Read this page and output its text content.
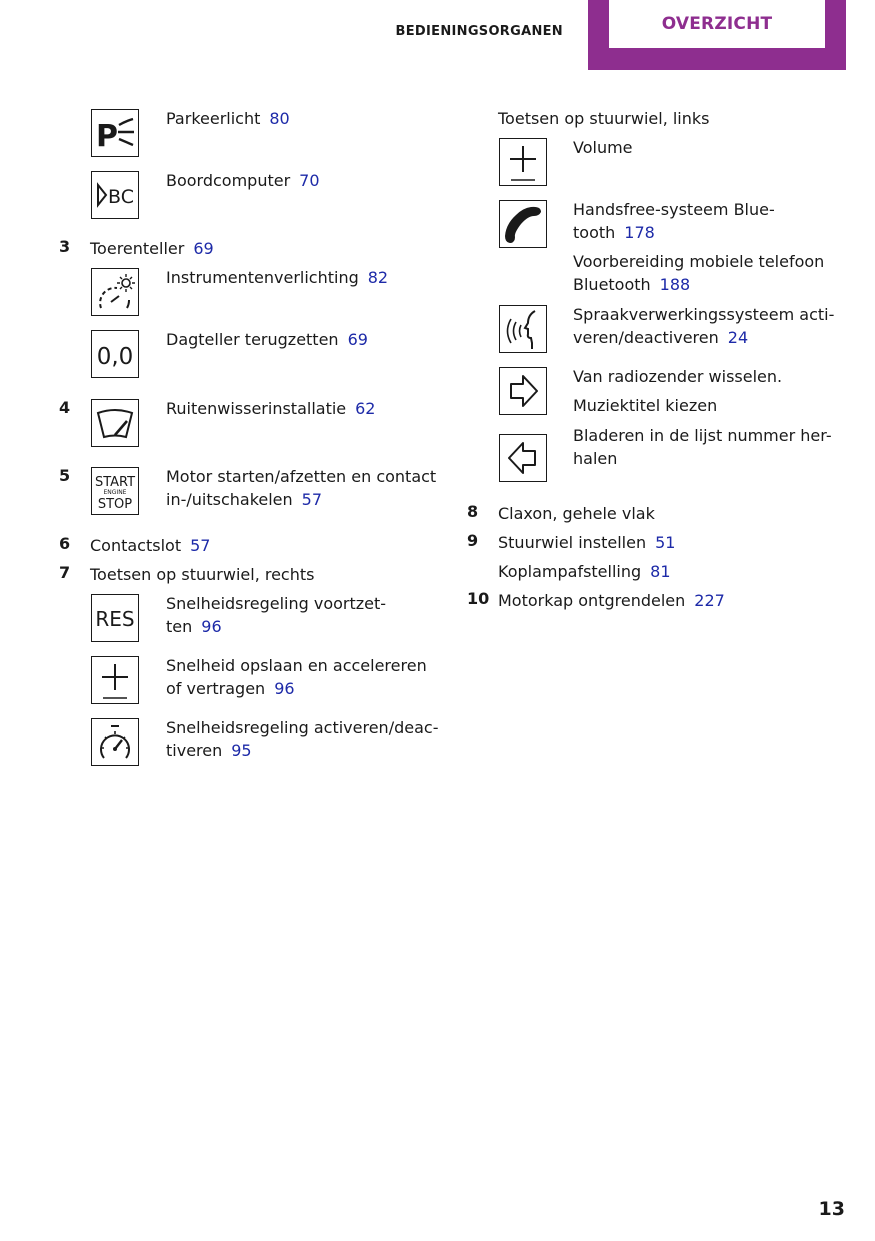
BEDIENINGSORGANEN	OVERZICHT
P
Parkeerlicht 80
BC
Boordcomputer 70
3 Toerenteller 69
Instrumentenverlichting 82
0,0
Dagteller terugzetten 69
4	Ruitenwisserinstallatie 62
5 START
ENGINE
STOP
Motor starten/afzetten en contact
in-/uitschakelen 57
6 Contactslot 57
7 Toetsen op stuurwiel, rechts
RES
Snelheidsregeling voortzet-
ten 96
Snelheid opslaan en accelereren
of vertragen 96
Snelheidsregeling activeren/deac-
tiveren 95
Toetsen op stuurwiel, links
Volume
Handsfree-systeem Blue-
tooth 178
Voorbereiding mobiele telefoon
Bluetooth 188
Spraakverwerkingssysteem acti-
veren/deactiveren 24
Van radiozender wisselen.
Muziektitel kiezen
Bladeren in de lijst nummer her-
halen
8 Claxon, gehele vlak
9 Stuurwiel instellen 51
Koplampafstelling 81
10 Motorkap ontgrendelen 227
13
